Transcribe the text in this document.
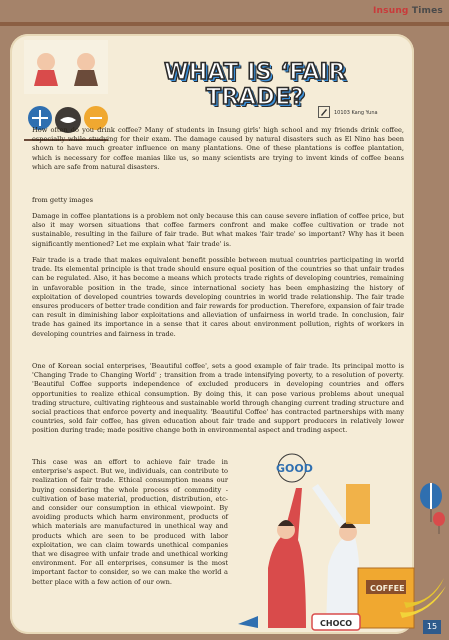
Insung Times
WHAT IS ‘FAIR TRADE?
10103 Kang Yuna

How often do you drink coffee? Many of students in Insung girls' high school and my friends drink coffee, especially while studying for their exam. The damage caused by natural disasters such as El Nino has been shown to have much greater influence on many plantations. One of these plantations is coffee plantation, which is necessary for coffee manias like us, so many scientists are trying to invent kinds of coffee beans which are safe from natural disasters.

from getty images

Damage in coffee plantations is a problem not only because this can cause severe inflation of coffee price, but also it may worsen situations that coffee farmers confront and make coffee cultivation or trade not sustainable, resulting in the failure of fair trade. But what makes 'fair trade' so important? Why has it been significantly mentioned? Let me explain what 'fair trade' is.

Fair trade is a trade that makes equivalent benefit possible between mutual countries participating in world trade. Its elemental principle is that trade should ensure equal position of the countries so that unfair trades can be regulated. Also, it has become a means which protects trade rights of developing countries, remaining in unfavorable position in the trade, since international society has been emphasizing the history of exploitation of developed countries towards developing countries in world trade relationship. The fair trade ensures producers of better trade condition and fair rewards for production. Therefore, expansion of fair trade can result in diminishing labor exploitations and alleviation of unfairness in world trade. In conclusion, fair trade has gained its importance in a sense that it cares about environment pollution, rights of workers in developing countries and fairness in trade.

One of Korean social enterprises, 'Beautiful coffee', sets a good example of fair trade. Its principal motto is 'Changing Trade to Changing World' ; transition from a trade intensifying poverty, to a resolution of poverty. 'Beautiful Coffee supports independence of excluded producers in developing countries and offers opportunities to realize ethical consumption. By doing this, it can pose various problems about unequal trading structure, cultivating righteous and sustainable world through changing current trading structure and social practices that enforce poverty and inequality. 'Beautiful Coffee' has contracted partnerships with many countries, sold fair coffee, has given education about fair trade and support producers in relatively lower position during trade; made positive change both in environmental aspect and trading aspect.

This case was an effort to achieve fair trade in enterprise's aspect. But we, individuals, can contribute to realization of fair trade. Ethical consumption means our buying considering the whole process of commodity -cultivation of base material, production, distribution, etc- and consider our consumption in ethical viewpoint. By avoiding products which harm environment, products of which materials are manufactured in unethical way and products which are seen to be produced with labor exploitation, we can claim towards unethical companies that we disagree with unfair trade and unethical working environment. For all enterprises, consumer is the most important factor to consider, so we can make the world a better place with a few action of our own.

GOOD
COFFEE
CHOCO	15
